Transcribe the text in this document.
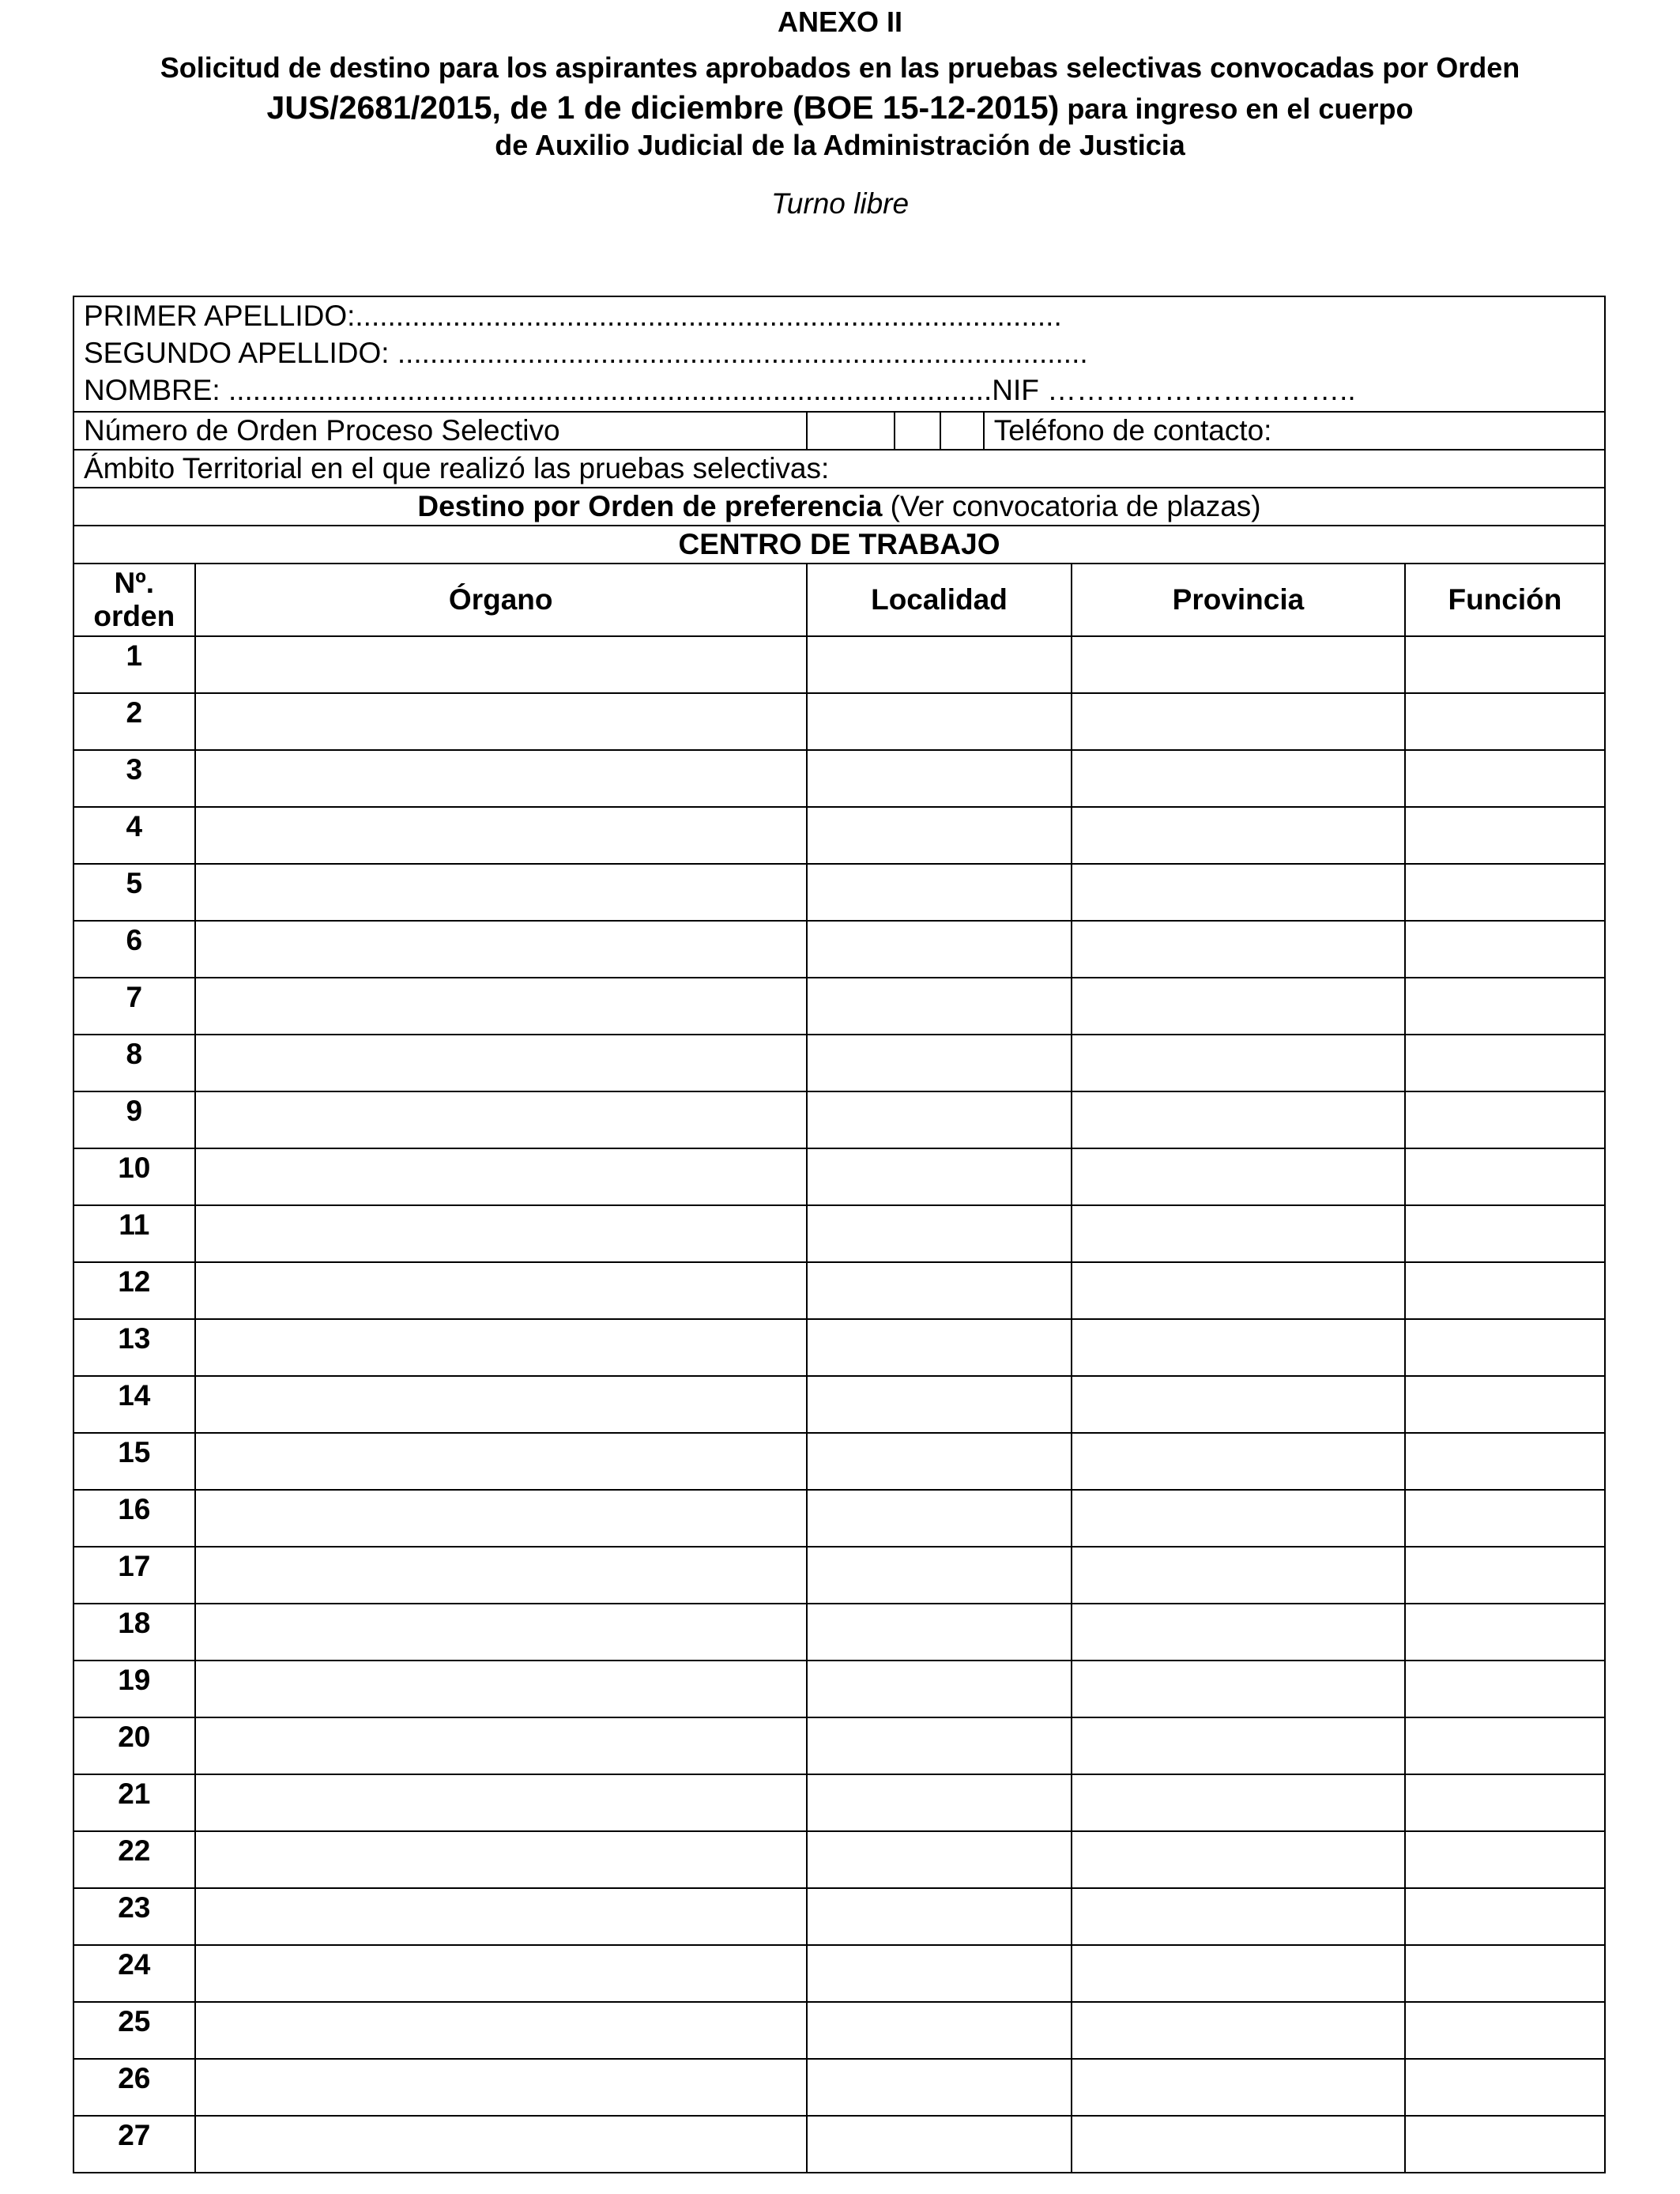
ANEXO II
Solicitud de destino para los aspirantes aprobados en las pruebas selectivas convocadas por Orden
JUS/2681/2015, de 1 de diciembre (BOE 15-12-2015) para ingreso en el cuerpo
de Auxilio Judicial de la Administración de Justicia
Turno libre
PRIMER APELLIDO:.......................................................................................
SEGUNDO APELLIDO: .....................................................................................
NOMBRE: ..............................................................................................NIF …………………………..							

Número de Orden Proceso Selectivo					Teléfono de contacto:		
Ámbito Territorial en el que realizó las pruebas selectivas:							
Destino por Orden de preferencia (Ver convocatoria de plazas)							
CENTRO DE TRABAJO							

Nº.
orden	Órgano	Localidad				Provincia	Función
1							
2							
3							
4							
5							
6							
7							
8							
9							
10							
11							
12							
13							
14							
15							
16							
17							
18							
19							
20							
21							
22							
23							
24							
25							
26							
27							
